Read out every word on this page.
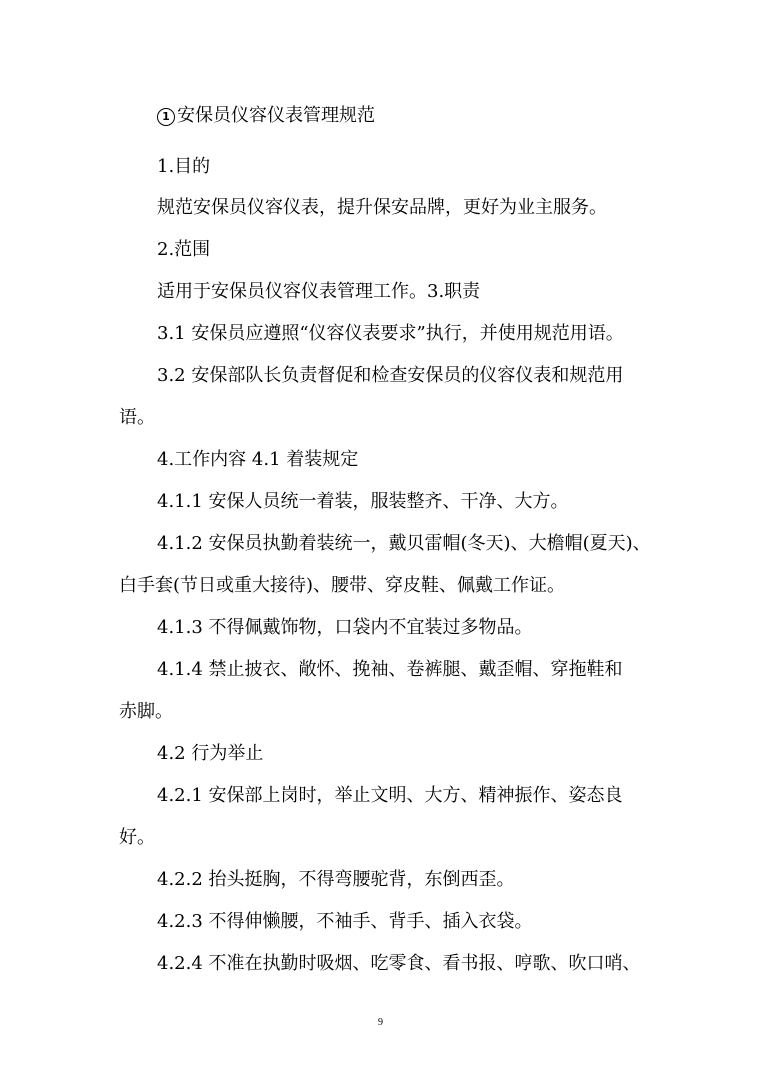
1 安保员仪容仪表管理规范
1.目的
规范安保员仪容仪表，提升保安品牌，更好为业主服务。
2.范围
适用于安保员仪容仪表管理工作。3.职责
3.1 安保员应遵照“仪容仪表要求”执行，并使用规范用语。
3.2 安保部队长负责督促和检查安保员的仪容仪表和规范用
语。
4.工作内容 4.1 着装规定
4.1.1 安保人员统一着装，服装整齐、干净、大方。
4.1.2 安保员执勤着装统一，戴贝雷帽(冬天)、大檐帽(夏天)、
白手套(节日或重大接待)、腰带、穿皮鞋、佩戴工作证。
4.1.3 不得佩戴饰物，口袋内不宜装过多物品。
4.1.4 禁止披衣、敞怀、挽袖、卷裤腿、戴歪帽、穿拖鞋和
赤脚。
4.2 行为举止
4.2.1 安保部上岗时，举止文明、大方、精神振作、姿态良
好。
4.2.2 抬头挺胸，不得弯腰驼背，东倒西歪。
4.2.3 不得伸懒腰，不袖手、背手、插入衣袋。
4.2.4 不准在执勤时吸烟、吃零食、看书报、哼歌、吹口哨、
9
